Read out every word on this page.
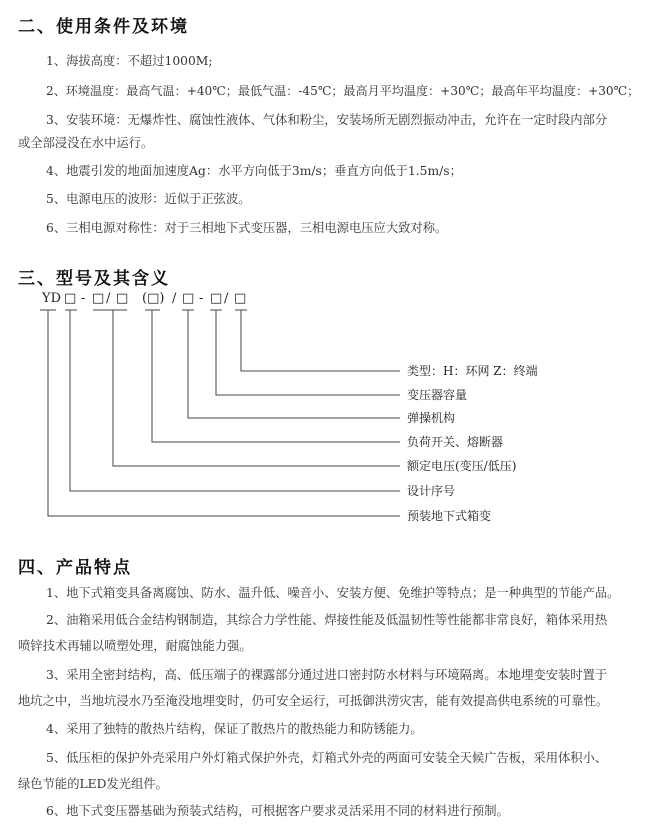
二、使用条件及环境

1、海拔高度：不超过1000M;

2、环境温度：最高气温：+40℃；最低气温：-45℃；最高月平均温度：+30℃；最高年平均温度：+30℃；

3、安装环境：无爆炸性、腐蚀性液体、气体和粉尘，安装场所无剧烈振动冲击，允许在一定时段内部分

或全部浸没在水中运行。

4、地震引发的地面加速度Ag：水平方向低于3m/s；垂直方向低于1.5m/s；

5、电源电压的波形：近似于正弦波。

6、三相电源对称性：对于三相地下式变压器，三相电源电压应大致对称。

三、型号及其含义
YD □ - □ / □ (□) / □ - □ / □
类型：H：环网 Z：终端
变压器容量
弹操机构
负荷开关、熔断器
额定电压(变压/低压)
设计序号
预装地下式箱变
四、产品特点

1、地下式箱变具备离腐蚀、防水、温升低、噪音小、安装方便、免维护等特点；是一种典型的节能产品。

2、油箱采用低合金结构钢制造，其综合力学性能、焊接性能及低温韧性等性能都非常良好，箱体采用热

喷锌技术再辅以喷塑处理，耐腐蚀能力强。

3、采用全密封结构，高、低压端子的裸露部分通过进口密封防水材料与环境隔离。本地埋变安装时置于

地坑之中，当地坑浸水乃至淹没地埋变时，仍可安全运行，可抵御洪涝灾害，能有效提高供电系统的可靠性。

4、采用了独特的散热片结构，保证了散热片的散热能力和防锈能力。

5、低压柜的保护外壳采用户外灯箱式保护外壳，灯箱式外壳的两面可安装全天候广告板，采用体积小、

绿色节能的LED发光组件。

6、地下式变压器基础为预装式结构，可根据客户要求灵活采用不同的材料进行预制。
